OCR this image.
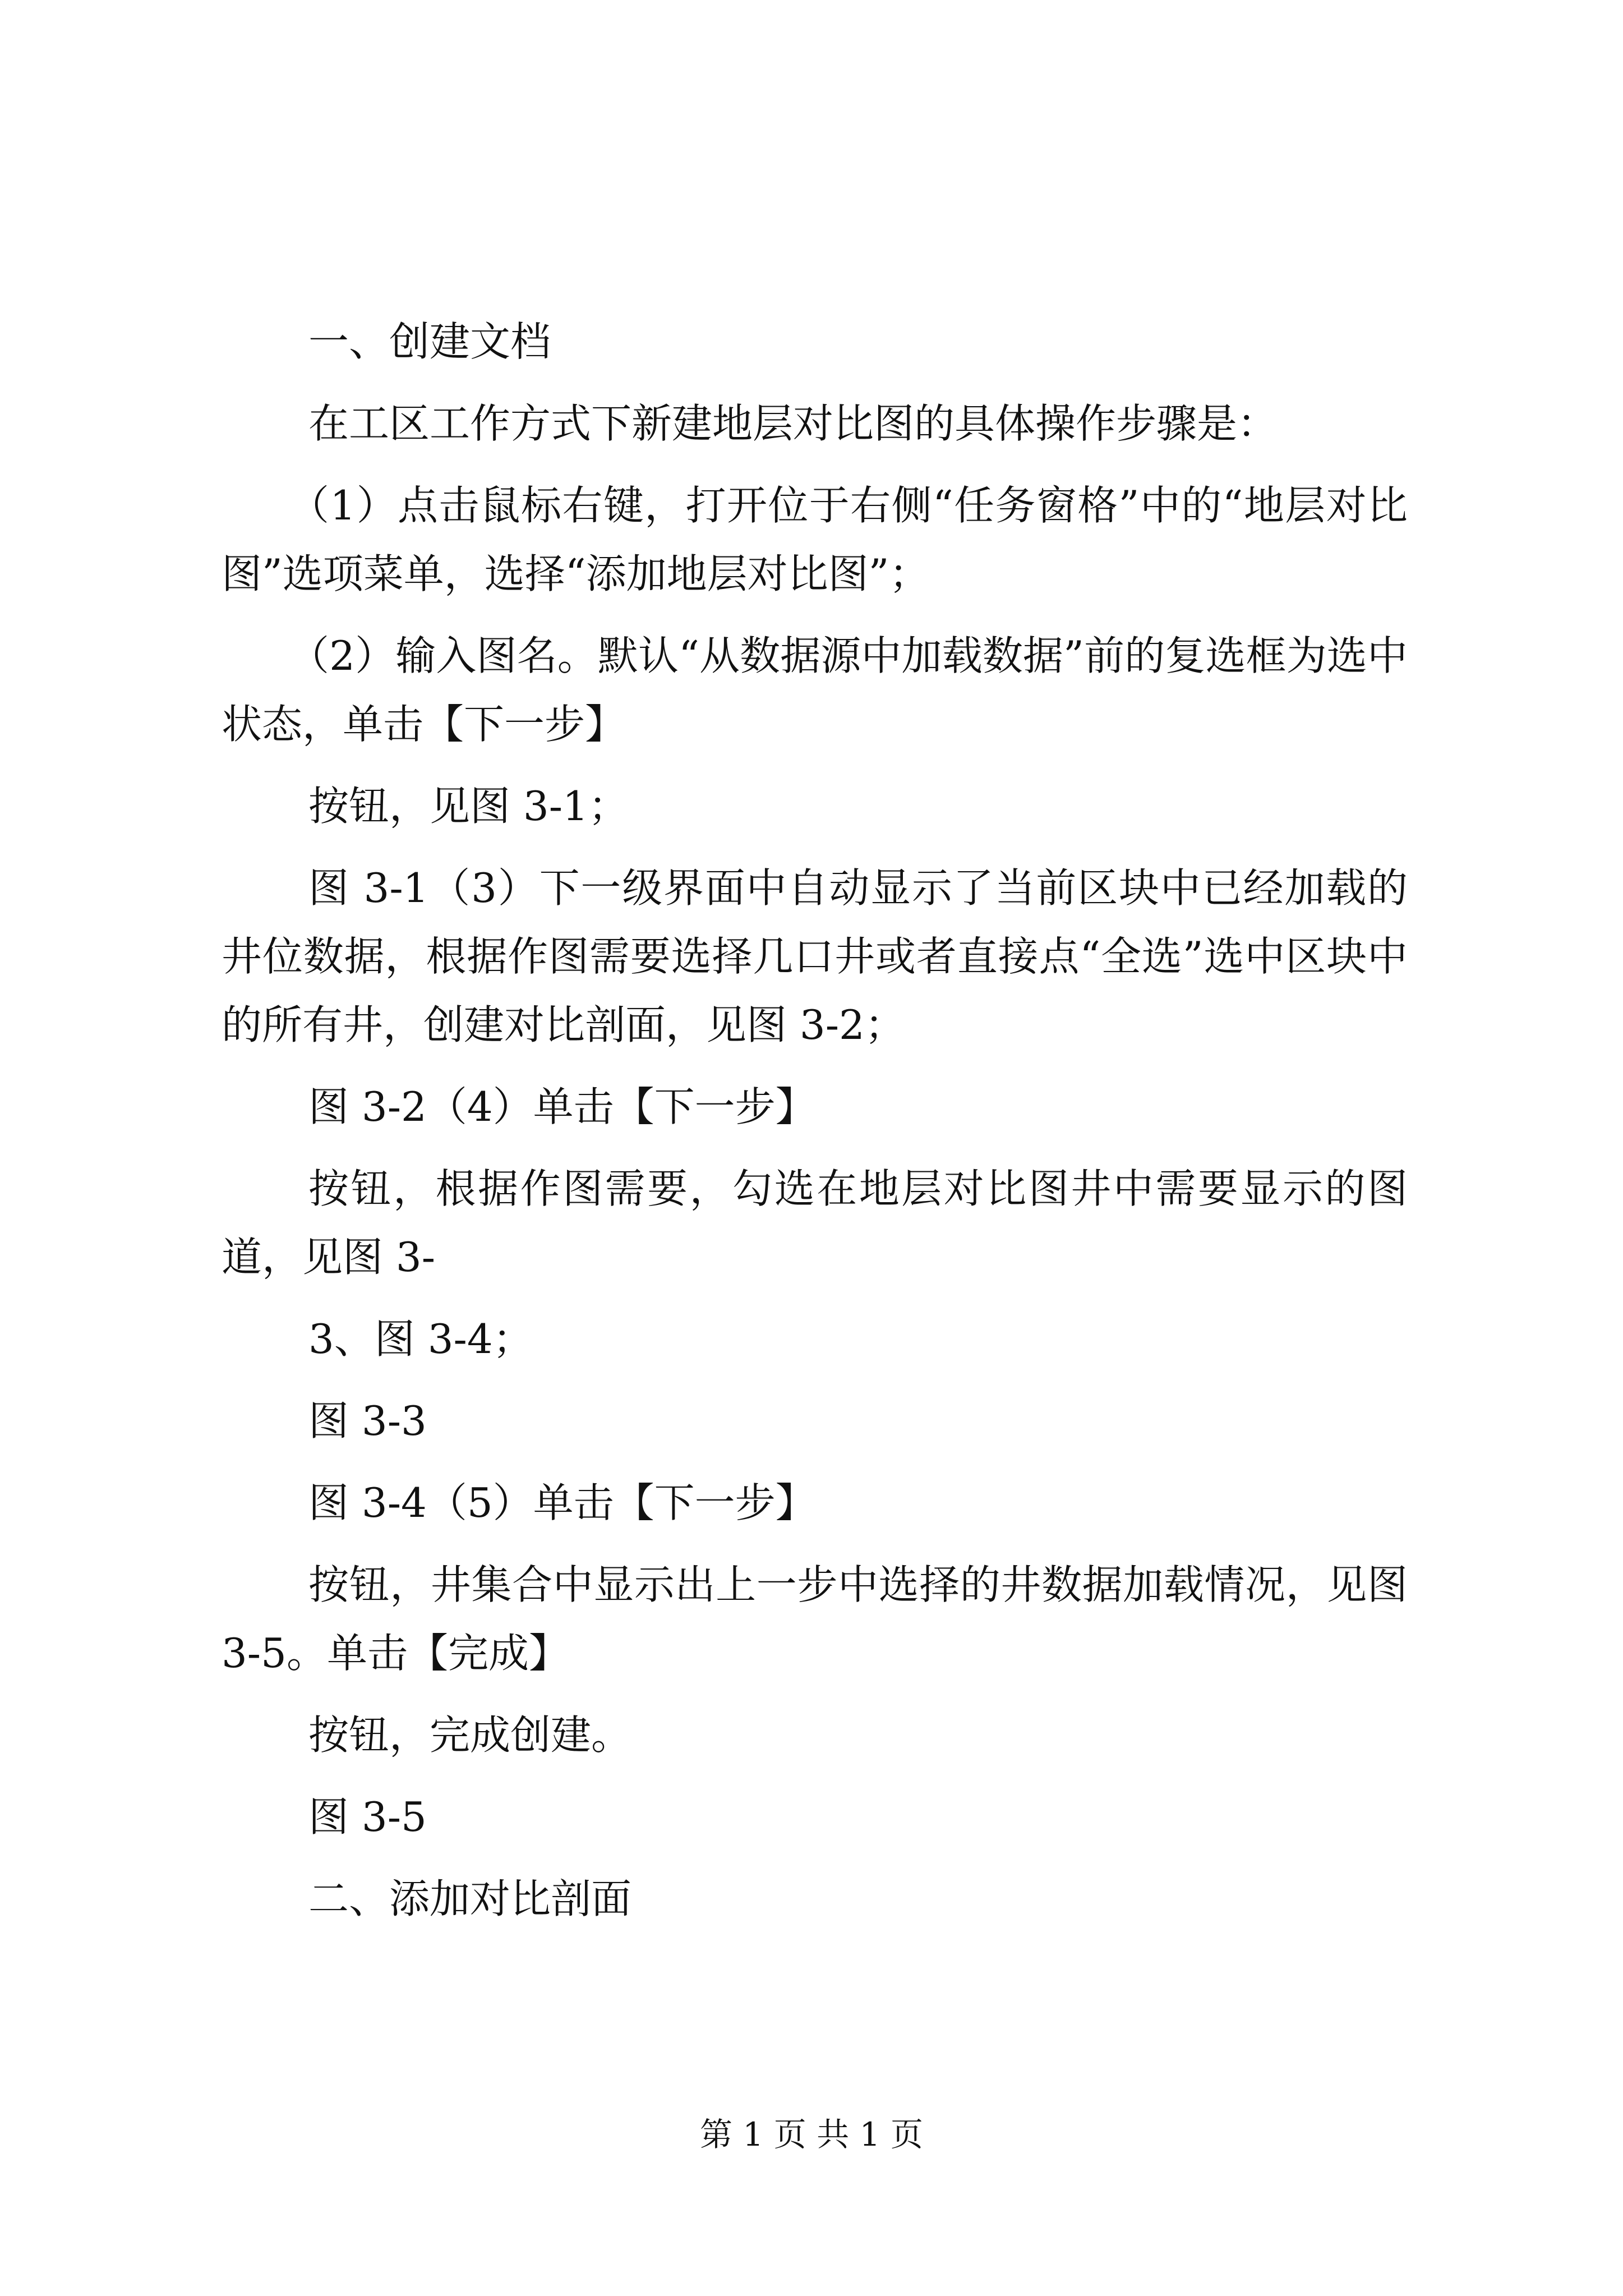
一、创建文档

在工区工作方式下新建地层对比图的具体操作步骤是：

（1）点击鼠标右键，打开位于右侧“任务窗格”中的“地层对比图”选项菜单，选择“添加地层对比图”；

（2）输入图名。默认“从数据源中加载数据”前的复选框为选中状态，单击【下一步】

按钮，见图 3-1；

图 3-1（3）下一级界面中自动显示了当前区块中已经加载的井位数据，根据作图需要选择几口井或者直接点“全选”选中区块中的所有井，创建对比剖面，见图 3-2；

图 3-2（4）单击【下一步】

按钮，根据作图需要，勾选在地层对比图井中需要显示的图道，见图 3-

3、图 3-4；

图 3-3

图 3-4（5）单击【下一步】

按钮，井集合中显示出上一步中选择的井数据加载情况，见图 3-5。单击【完成】

按钮，完成创建。

图 3-5

二、添加对比剖面

第 1 页 共 1 页
